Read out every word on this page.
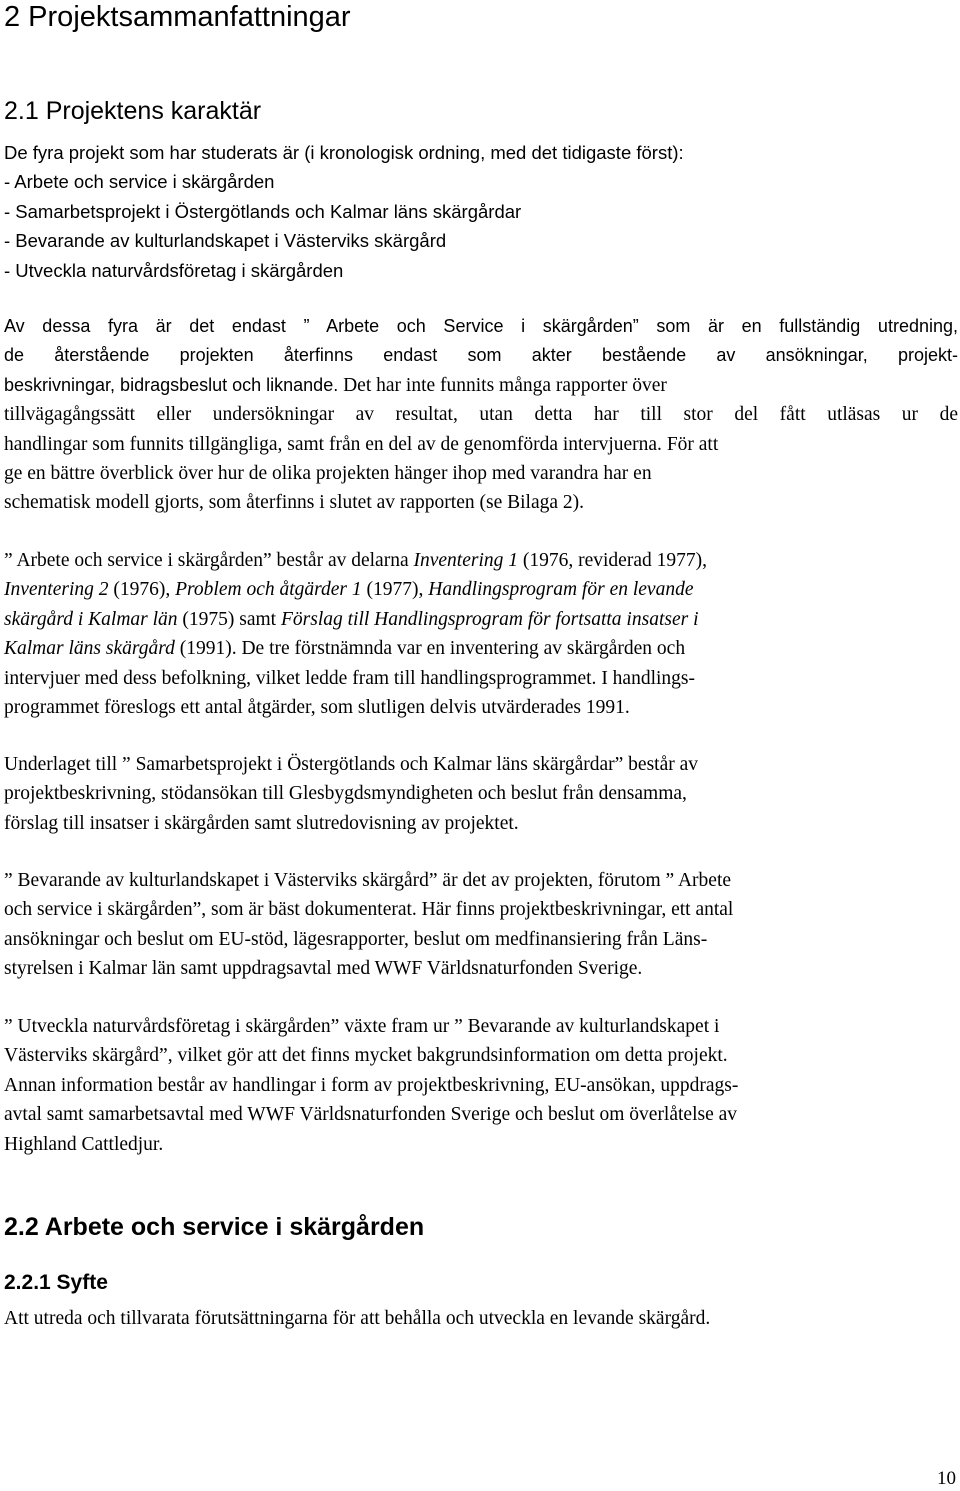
2 Projektsammanfattningar
2.1 Projektens karaktär
De fyra projekt som har studerats är (i kronologisk ordning, med det tidigaste först):
- Arbete och service i skärgården
- Samarbetsprojekt i Östergötlands och Kalmar läns skärgårdar
- Bevarande av kulturlandskapet i Västerviks skärgård
- Utveckla naturvårdsföretag i skärgården
Av dessa fyra är det endast ” Arbete och Service i skärgården” som är en fullständig utredning,
de återstående projekten återfinns endast som akter bestående av ansökningar, projekt-
beskrivningar, bidragsbeslut och liknande. Det har inte funnits många rapporter över
tillvägagångssätt eller undersökningar av resultat, utan detta har till stor del fått utläsas ur de
handlingar som funnits tillgängliga, samt från en del av de genomförda intervjuerna. För att
ge en bättre överblick över hur de olika projekten hänger ihop med varandra har en
schematisk modell gjorts, som återfinns i slutet av rapporten (se Bilaga 2).
” Arbete och service i skärgården” består av delarna Inventering 1 (1976, reviderad 1977),
Inventering 2 (1976), Problem och åtgärder 1 (1977), Handlingsprogram för en levande
skärgård i Kalmar län (1975) samt Förslag till Handlingsprogram för fortsatta insatser i
Kalmar läns skärgård (1991). De tre förstnämnda var en inventering av skärgården och
intervjuer med dess befolkning, vilket ledde fram till handlingsprogrammet. I handlings-
programmet föreslogs ett antal åtgärder, som slutligen delvis utvärderades 1991.
Underlaget till ” Samarbetsprojekt i Östergötlands och Kalmar läns skärgårdar” består av
projektbeskrivning, stödansökan till Glesbygdsmyndigheten och beslut från densamma,
förslag till insatser i skärgården samt slutredovisning av projektet.
” Bevarande av kulturlandskapet i Västerviks skärgård” är det av projekten, förutom ” Arbete
och service i skärgården”, som är bäst dokumenterat. Här finns projektbeskrivningar, ett antal
ansökningar och beslut om EU-stöd, lägesrapporter, beslut om medfinansiering från Läns-
styrelsen i Kalmar län samt uppdragsavtal med WWF Världsnaturfonden Sverige.
” Utveckla naturvårdsföretag i skärgården” växte fram ur ” Bevarande av kulturlandskapet i
Västerviks skärgård”, vilket gör att det finns mycket bakgrundsinformation om detta projekt.
Annan information består av handlingar i form av projektbeskrivning, EU-ansökan, uppdrags-
avtal samt samarbetsavtal med WWF Världsnaturfonden Sverige och beslut om överlåtelse av
Highland Cattledjur.
2.2 Arbete och service i skärgården
2.2.1 Syfte
Att utreda och tillvarata förutsättningarna för att behålla och utveckla en levande skärgård.
10
